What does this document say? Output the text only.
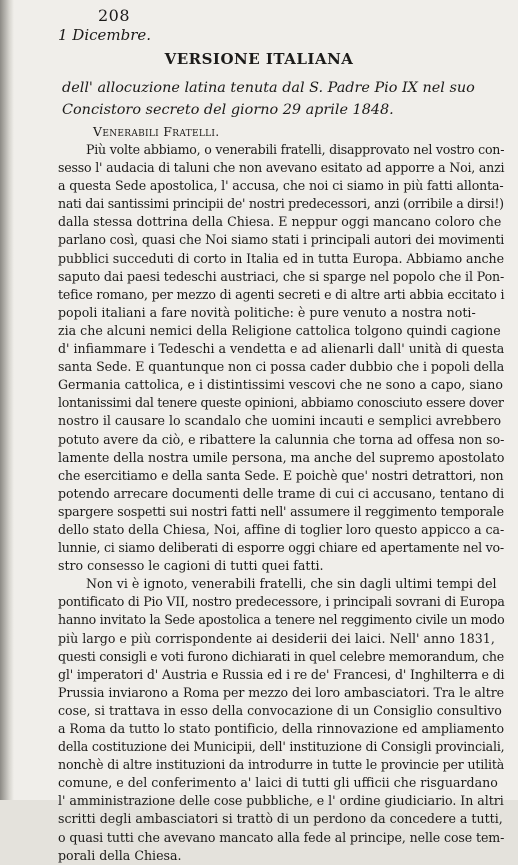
208
1 Dicembre.
VERSIONE ITALIANA
dell' allocuzione latina tenuta dal S. Padre Pio IX nel suo
Concistoro secreto del giorno 29 aprile 1848.
Venerabili Fratelli.

Più volte abbiamo, o venerabili fratelli, disapprovato nel vostro con-
sesso l' audacia di taluni che non avevano esitato ad apporre a Noi, anzi
a questa Sede apostolica, l' accusa, che noi ci siamo in più fatti allonta-
nati dai santissimi principii de' nostri predecessori, anzi (orribile a dirsi!)
dalla stessa dottrina della Chiesa. E neppur oggi mancano coloro che
parlano così, quasi che Noi siamo stati i principali autori dei movimenti
pubblici succeduti di corto in Italia ed in tutta Europa. Abbiamo anche
saputo dai paesi tedeschi austriaci, che si sparge nel popolo che il Pon-
tefice romano, per mezzo di agenti secreti e di altre arti abbia eccitato i
popoli italiani a fare novità politiche: è pure venuto a nostra noti-
zia che alcuni nemici della Religione cattolica tolgono quindi cagione
d' infiammare i Tedeschi a vendetta e ad alienarli dall' unità di questa
santa Sede. E quantunque non ci possa cader dubbio che i popoli della
Germania cattolica, e i distintissimi vescovi che ne sono a capo, siano
lontanissimi dal tenere queste opinioni, abbiamo conosciuto essere dover
nostro il causare lo scandalo che uomini incauti e semplici avrebbero
potuto avere da ciò, e ribattere la calunnia che torna ad offesa non so-
lamente della nostra umile persona, ma anche del supremo apostolato
che esercitiamo e della santa Sede. E poichè que' nostri detrattori, non
potendo arrecare documenti delle trame di cui ci accusano, tentano di
spargere sospetti sui nostri fatti nell' assumere il reggimento temporale
dello stato della Chiesa, Noi, affine di toglier loro questo appicco a ca-
lunnie, ci siamo deliberati di esporre oggi chiare ed apertamente nel vo-
stro consesso le cagioni di tutti quei fatti.

Non vi è ignoto, venerabili fratelli, che sin dagli ultimi tempi del
pontificato di Pio VII, nostro predecessore, i principali sovrani di Europa
hanno invitato la Sede apostolica a tenere nel reggimento civile un modo
più largo e più corrispondente ai desiderii dei laici. Nell' anno 1831,
questi consigli e voti furono dichiarati in quel celebre memorandum, che
gl' imperatori d' Austria e Russia ed i re de' Francesi, d' Inghilterra e di
Prussia inviarono a Roma per mezzo dei loro ambasciatori. Tra le altre
cose, si trattava in esso della convocazione di un Consiglio consultivo
a Roma da tutto lo stato pontificio, della rinnovazione ed ampliamento
della costituzione dei Municipii, dell' instituzione di Consigli provinciali,
nonchè di altre instituzioni da introdurre in tutte le provincie per utilità
comune, e del conferimento a' laici di tutti gli ufficii che risguardano
l' amministrazione delle cose pubbliche, e l' ordine giudiciario. In altri
scritti degli ambasciatori si trattò di un perdono da concedere a tutti,
o quasi tutti che avevano mancato alla fede al principe, nelle cose tem-
porali della Chiesa.
